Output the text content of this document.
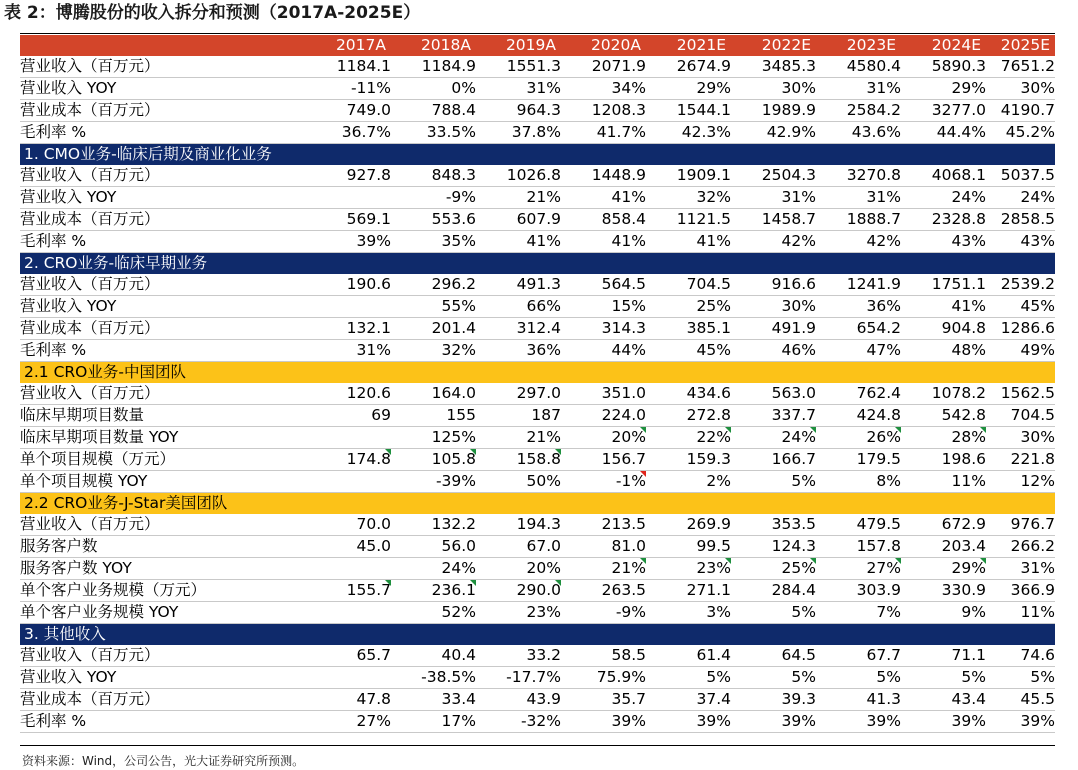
表 2：博腾股份的收入拆分和预测（2017A-2025E）
	2017A	2018A	2019A	2020A	2021E	2022E	2023E	2024E	2025E
营业收入（百万元）	1184.1	1184.9	1551.3	2071.9	2674.9	3485.3	4580.4	5890.3	7651.2
营业收入 YOY	-11%	0%	31%	34%	29%	30%	31%	29%	30%
营业成本（百万元）	749.0	788.4	964.3	1208.3	1544.1	1989.9	2584.2	3277.0	4190.7
毛利率 %	36.7%	33.5%	37.8%	41.7%	42.3%	42.9%	43.6%	44.4%	45.2%
1. CMO业务-临床后期及商业化业务									
营业收入（百万元）	927.8	848.3	1026.8	1448.9	1909.1	2504.3	3270.8	4068.1	5037.5
营业收入 YOY		-9%	21%	41%	32%	31%	31%	24%	24%
营业成本（百万元）	569.1	553.6	607.9	858.4	1121.5	1458.7	1888.7	2328.8	2858.5
毛利率 %	39%	35%	41%	41%	41%	42%	42%	43%	43%
2. CRO业务-临床早期业务									
营业收入（百万元）	190.6	296.2	491.3	564.5	704.5	916.6	1241.9	1751.1	2539.2
营业收入 YOY		55%	66%	15%	25%	30%	36%	41%	45%
营业成本（百万元）	132.1	201.4	312.4	314.3	385.1	491.9	654.2	904.8	1286.6
毛利率 %	31%	32%	36%	44%	45%	46%	47%	48%	49%
2.1 CRO业务-中国团队									
营业收入（百万元）	120.6	164.0	297.0	351.0	434.6	563.0	762.4	1078.2	1562.5
临床早期项目数量	69	155	187	224.0	272.8	337.7	424.8	542.8	704.5
临床早期项目数量 YOY		125%	21%	20%	22%	24%	26%	28%	30%
单个项目规模（万元）	174.8	105.8	158.8	156.7	159.3	166.7	179.5	198.6	221.8
单个项目规模 YOY		-39%	50%	-1%	2%	5%	8%	11%	12%
2.2 CRO业务-J-Star美国团队									
营业收入（百万元）	70.0	132.2	194.3	213.5	269.9	353.5	479.5	672.9	976.7
服务客户数	45.0	56.0	67.0	81.0	99.5	124.3	157.8	203.4	266.2
服务客户数 YOY		24%	20%	21%	23%	25%	27%	29%	31%
单个客户业务规模（万元）	155.7	236.1	290.0	263.5	271.1	284.4	303.9	330.9	366.9
单个客户业务规模 YOY		52%	23%	-9%	3%	5%	7%	9%	11%
3. 其他收入									
营业收入（百万元）	65.7	40.4	33.2	58.5	61.4	64.5	67.7	71.1	74.6
营业收入 YOY		-38.5%	-17.7%	75.9%	5%	5%	5%	5%	5%
营业成本（百万元）	47.8	33.4	43.9	35.7	37.4	39.3	41.3	43.4	45.5
毛利率 %	27%	17%	-32%	39%	39%	39%	39%	39%	39%
资料来源：Wind，公司公告，光大证券研究所预测。
